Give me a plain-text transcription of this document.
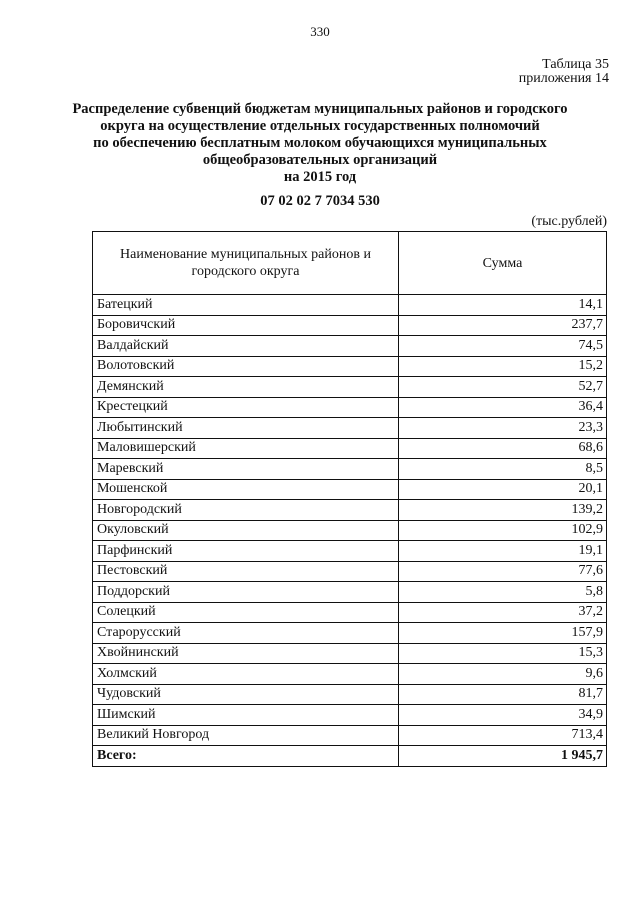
330
Таблица 35
приложения 14
Распределение субвенций бюджетам муниципальных районов и городского
округа на осуществление отдельных государственных полномочий
по обеспечению бесплатным молоком обучающихся муниципальных
общеобразовательных организаций
на 2015 год
07 02 02 7 7034 530
(тыс.рублей)
Наименование муниципальных районов и городского округа	Сумма
Батецкий	14,1
Боровичский	237,7
Валдайский	74,5
Волотовский	15,2
Демянский	52,7
Крестецкий	36,4
Любытинский	23,3
Маловишерский	68,6
Маревский	8,5
Мошенской	20,1
Новгородский	139,2
Окуловский	102,9
Парфинский	19,1
Пестовский	77,6
Поддорский	5,8
Солецкий	37,2
Старорусский	157,9
Хвойнинский	15,3
Холмский	9,6
Чудовский	81,7
Шимский	34,9
Великий Новгород	713,4
Всего:	1 945,7
